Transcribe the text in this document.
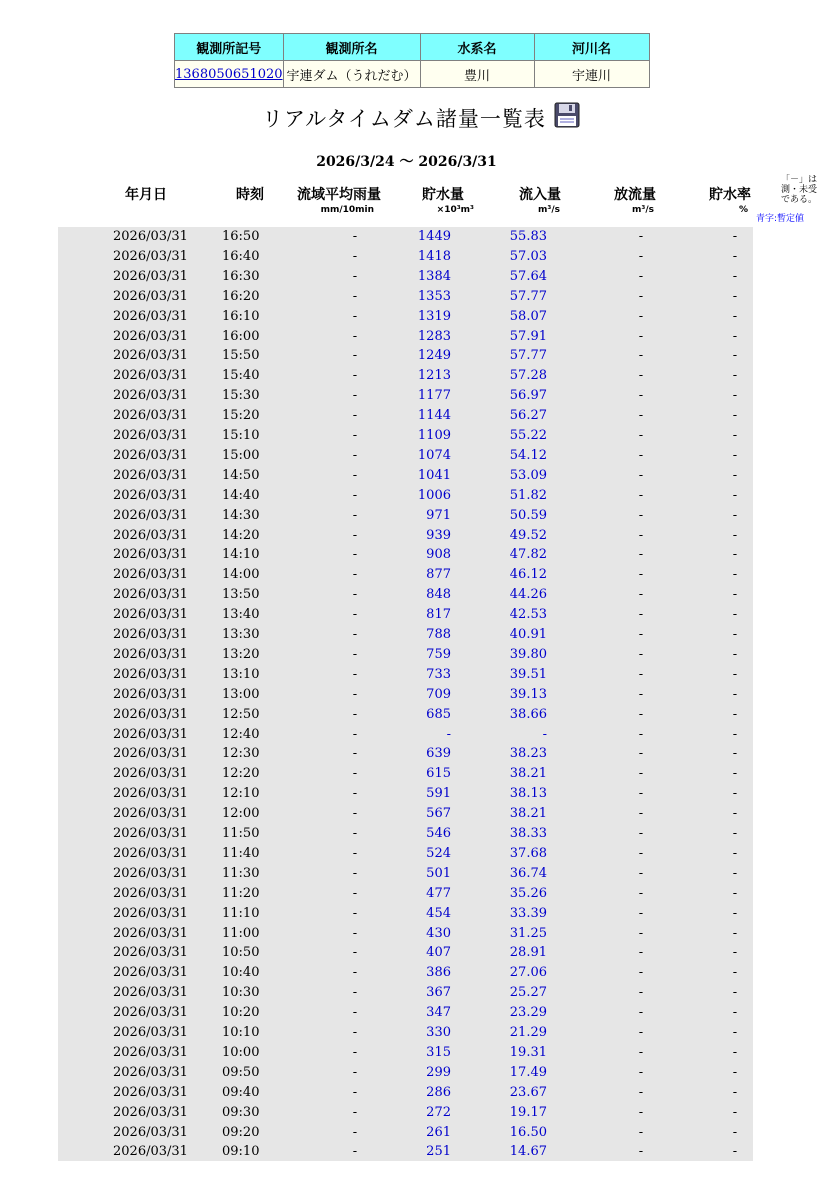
観測所記号	観測所名	水系名	河川名
1368050651020	宇連ダム（うれだむ）	豊川	宇連川
リアルタイムダム諸量一覧表
2026/3/24 〜 2026/3/31
年月日	時刻	流域平均雨量	貯水量	流入量	放流量	貯水率
mm/10min	×10³m³	m³/s	m³/s	%
「－」は
測・未受
である。
青字:暫定値
2026/03/31	16:50	-	1449	55.83	-	-
2026/03/31	16:40	-	1418	57.03	-	-
2026/03/31	16:30	-	1384	57.64	-	-
2026/03/31	16:20	-	1353	57.77	-	-
2026/03/31	16:10	-	1319	58.07	-	-
2026/03/31	16:00	-	1283	57.91	-	-
2026/03/31	15:50	-	1249	57.77	-	-
2026/03/31	15:40	-	1213	57.28	-	-
2026/03/31	15:30	-	1177	56.97	-	-
2026/03/31	15:20	-	1144	56.27	-	-
2026/03/31	15:10	-	1109	55.22	-	-
2026/03/31	15:00	-	1074	54.12	-	-
2026/03/31	14:50	-	1041	53.09	-	-
2026/03/31	14:40	-	1006	51.82	-	-
2026/03/31	14:30	-	971	50.59	-	-
2026/03/31	14:20	-	939	49.52	-	-
2026/03/31	14:10	-	908	47.82	-	-
2026/03/31	14:00	-	877	46.12	-	-
2026/03/31	13:50	-	848	44.26	-	-
2026/03/31	13:40	-	817	42.53	-	-
2026/03/31	13:30	-	788	40.91	-	-
2026/03/31	13:20	-	759	39.80	-	-
2026/03/31	13:10	-	733	39.51	-	-
2026/03/31	13:00	-	709	39.13	-	-
2026/03/31	12:50	-	685	38.66	-	-
2026/03/31	12:40	-	-	-	-	-
2026/03/31	12:30	-	639	38.23	-	-
2026/03/31	12:20	-	615	38.21	-	-
2026/03/31	12:10	-	591	38.13	-	-
2026/03/31	12:00	-	567	38.21	-	-
2026/03/31	11:50	-	546	38.33	-	-
2026/03/31	11:40	-	524	37.68	-	-
2026/03/31	11:30	-	501	36.74	-	-
2026/03/31	11:20	-	477	35.26	-	-
2026/03/31	11:10	-	454	33.39	-	-
2026/03/31	11:00	-	430	31.25	-	-
2026/03/31	10:50	-	407	28.91	-	-
2026/03/31	10:40	-	386	27.06	-	-
2026/03/31	10:30	-	367	25.27	-	-
2026/03/31	10:20	-	347	23.29	-	-
2026/03/31	10:10	-	330	21.29	-	-
2026/03/31	10:00	-	315	19.31	-	-
2026/03/31	09:50	-	299	17.49	-	-
2026/03/31	09:40	-	286	23.67	-	-
2026/03/31	09:30	-	272	19.17	-	-
2026/03/31	09:20	-	261	16.50	-	-
2026/03/31	09:10	-	251	14.67	-	-
